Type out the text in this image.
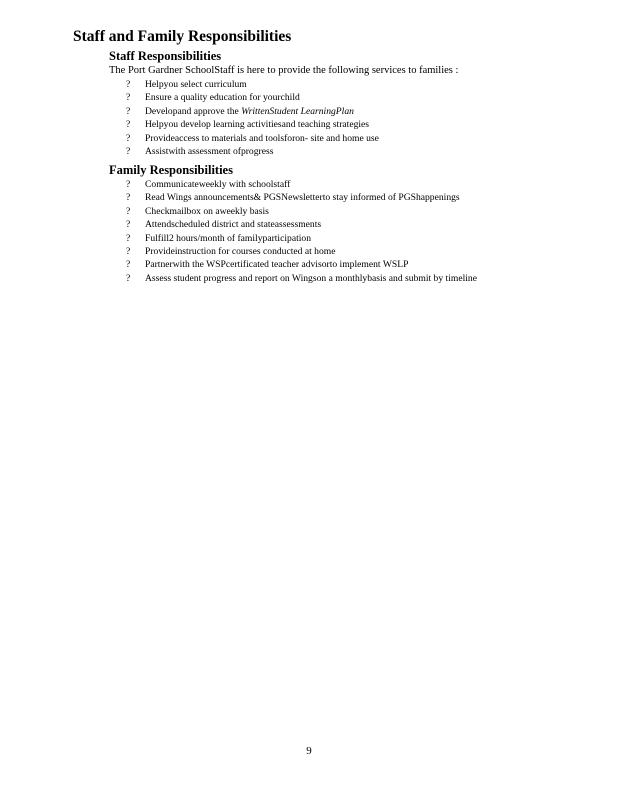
Staff and Family Responsibilities
Staff Responsibilities
The Port Gardner SchoolStaff is here to provide the following services to families :
? Helpyou select curriculum
? Ensure a quality education for yourchild
? Developand approve the WrittenStudent LearningPlan
? Helpyou develop learning activitiesand teaching strategies
? Provideaccess to materials and toolsforon- site and home use
? Assistwith assessment ofprogress
Family Responsibilities
? Communicateweekly with schoolstaff
? Read Wings announcements& PGSNewsletterto stay informed of PGShappenings
? Checkmailbox on aweekly basis
? Attendscheduled district and stateassessments
? Fulfill2 hours/month of familyparticipation
? Provideinstruction for courses conducted at home
? Partnerwith the WSPcertificated teacher advisorto implement WSLP
? Assess student progress and report on Wingson a monthlybasis and submit by timeline
9
